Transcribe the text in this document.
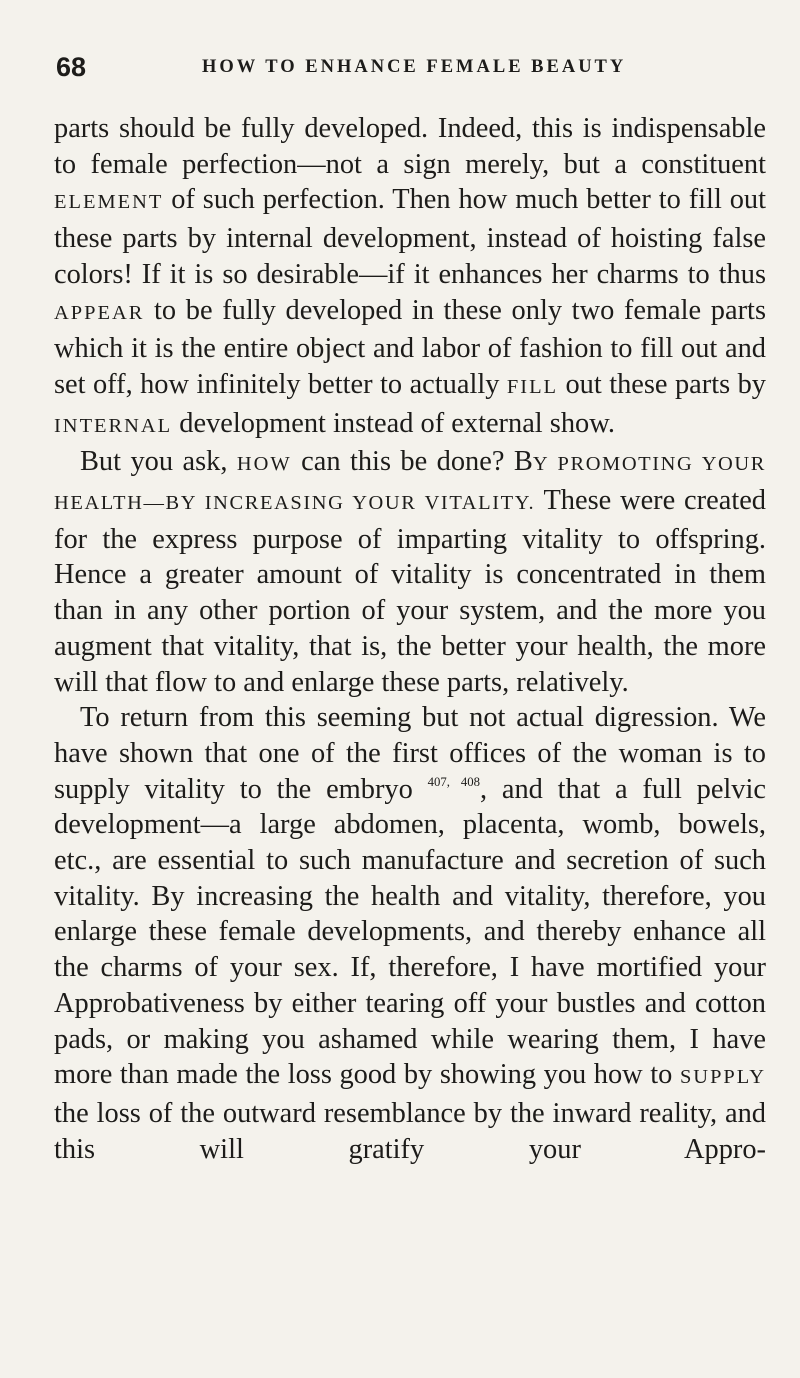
68	HOW TO ENHANCE FEMALE BEAUTY

parts should be fully developed. Indeed, this is indispensable to female perfection—not a sign merely, but a constituent ELEMENT of such perfection. Then how much better to fill out these parts by internal development, instead of hoisting false colors! If it is so desirable—if it enhances her charms to thus APPEAR to be fully developed in these only two female parts which it is the entire object and labor of fashion to fill out and set off, how infinitely better to actually FILL out these parts by INTERNAL development instead of external show.

But you ask, HOW can this be done? BY PROMOTING YOUR HEALTH—BY INCREASING YOUR VITALITY. These were created for the express purpose of imparting vitality to offspring. Hence a greater amount of vitality is concentrated in them than in any other portion of your system, and the more you augment that vitality, that is, the better your health, the more will that flow to and enlarge these parts, relatively.

To return from this seeming but not actual digression. We have shown that one of the first offices of the woman is to supply vitality to the embryo $^{407, 408}$, and that a full pelvic development—a large abdomen, placenta, womb, bowels, etc., are essential to such manufacture and secretion of such vitality. By increasing the health and vitality, therefore, you enlarge these female developments, and thereby enhance all the charms of your sex. If, therefore, I have mortified your Approbativeness by either tearing off your bustles and cotton pads, or making you ashamed while wearing them, I have more than made the loss good by showing you how to SUPPLY the loss of the outward resemblance by the inward reality, and this will gratify your Appro-
